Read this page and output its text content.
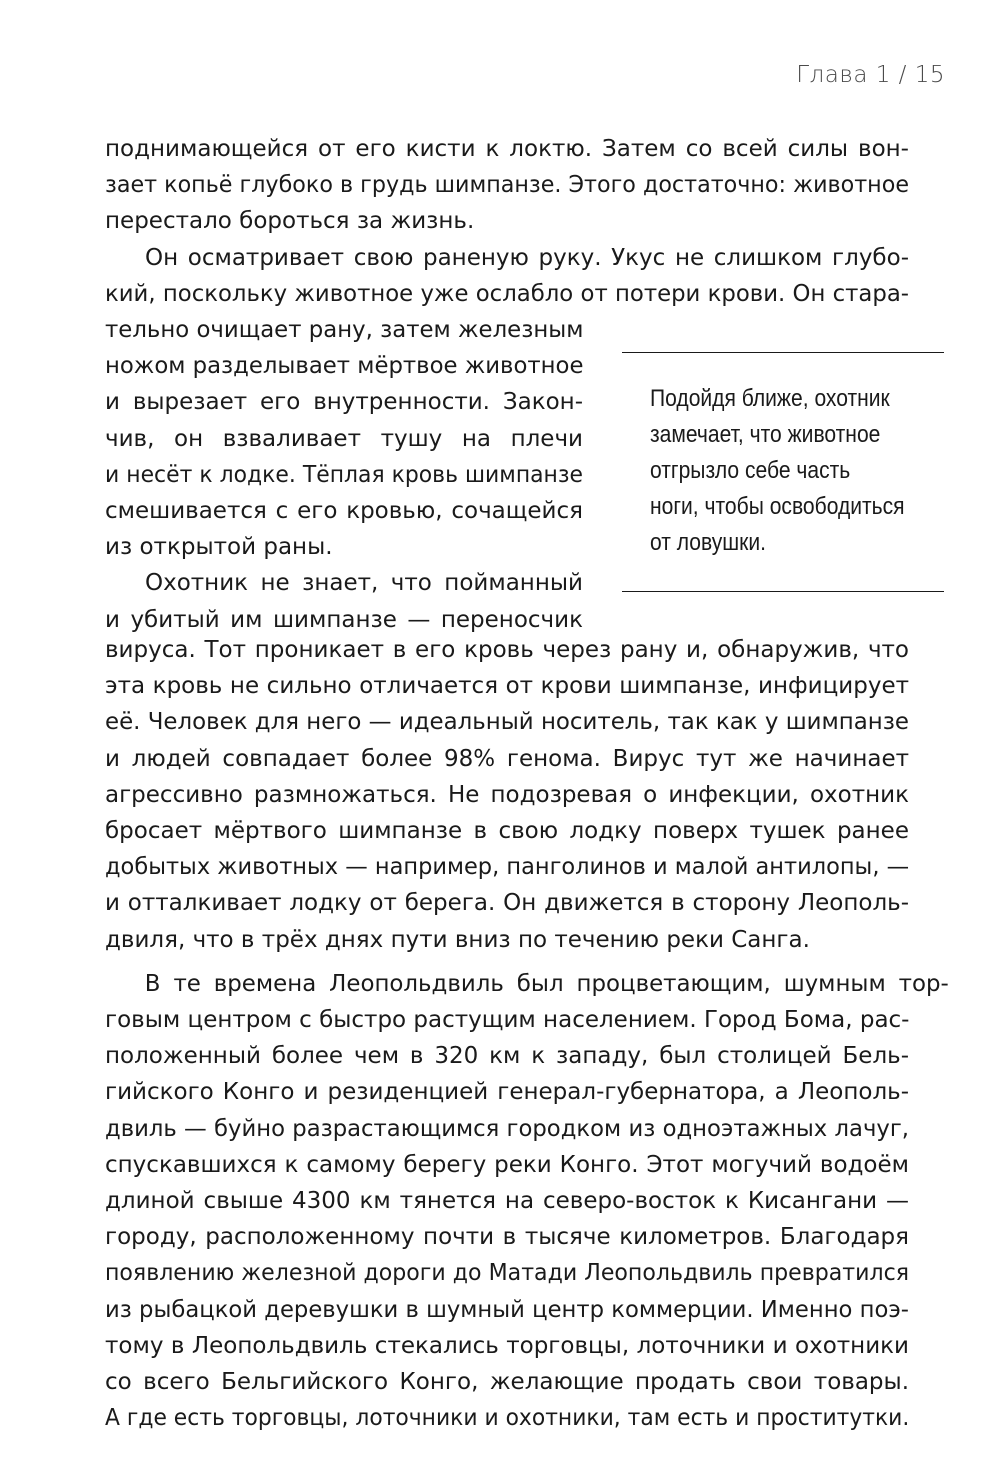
Глава 1 / 15
поднимающейся от его кисти к локтю. Затем со всей силы вон-
зает копьё глубоко в грудь шимпанзе. Этого достаточно: животное
перестало бороться за жизнь.
Он осматривает свою раненую руку. Укус не слишком глубо-
кий, поскольку животное уже ослабло от потери крови. Он стара-
тельно очищает рану, затем железным
ножом разделывает мёртвое животное
и вырезает его внутренности. Закон-
чив, он взваливает тушу на плечи
и несёт к лодке. Тёплая кровь шимпанзе
смешивается с его кровью, сочащейся
из открытой раны.
Охотник не знает, что пойманный
и убитый им шимпанзе — переносчик
Подойдя ближе, охотник
замечает, что животное
отгрызло себе часть
ноги, чтобы освободиться
от ловушки.
вируса. Тот проникает в его кровь через рану и, обнаружив, что
эта кровь не сильно отличается от крови шимпанзе, инфицирует
её. Человек для него — идеальный носитель, так как у шимпанзе
и людей совпадает более 98% генома. Вирус тут же начинает
агрессивно размножаться. Не подозревая о инфекции, охотник
бросает мёртвого шимпанзе в свою лодку поверх тушек ранее
добытых животных — например, панголинов и малой антилопы, —
и отталкивает лодку от берега. Он движется в сторону Леополь-
двиля, что в трёх днях пути вниз по течению реки Санга.
В те времена Леопольдвиль был процветающим, шумным тор-
говым центром с быстро растущим населением. Город Бома, рас-
положенный более чем в 320 км к западу, был столицей Бель-
гийского Конго и резиденцией генерал-губернатора, а Леополь-
двиль — буйно разрастающимся городком из одноэтажных лачуг,
спускавшихся к самому берегу реки Конго. Этот могучий водоём
длиной свыше 4300 км тянется на северо-восток к Кисангани —
городу, расположенному почти в тысяче километров. Благодаря
появлению железной дороги до Матади Леопольдвиль превратился
из рыбацкой деревушки в шумный центр коммерции. Именно поэ-
тому в Леопольдвиль стекались торговцы, лоточники и охотники
со всего Бельгийского Конго, желающие продать свои товары.
А где есть торговцы, лоточники и охотники, там есть и проститутки.
